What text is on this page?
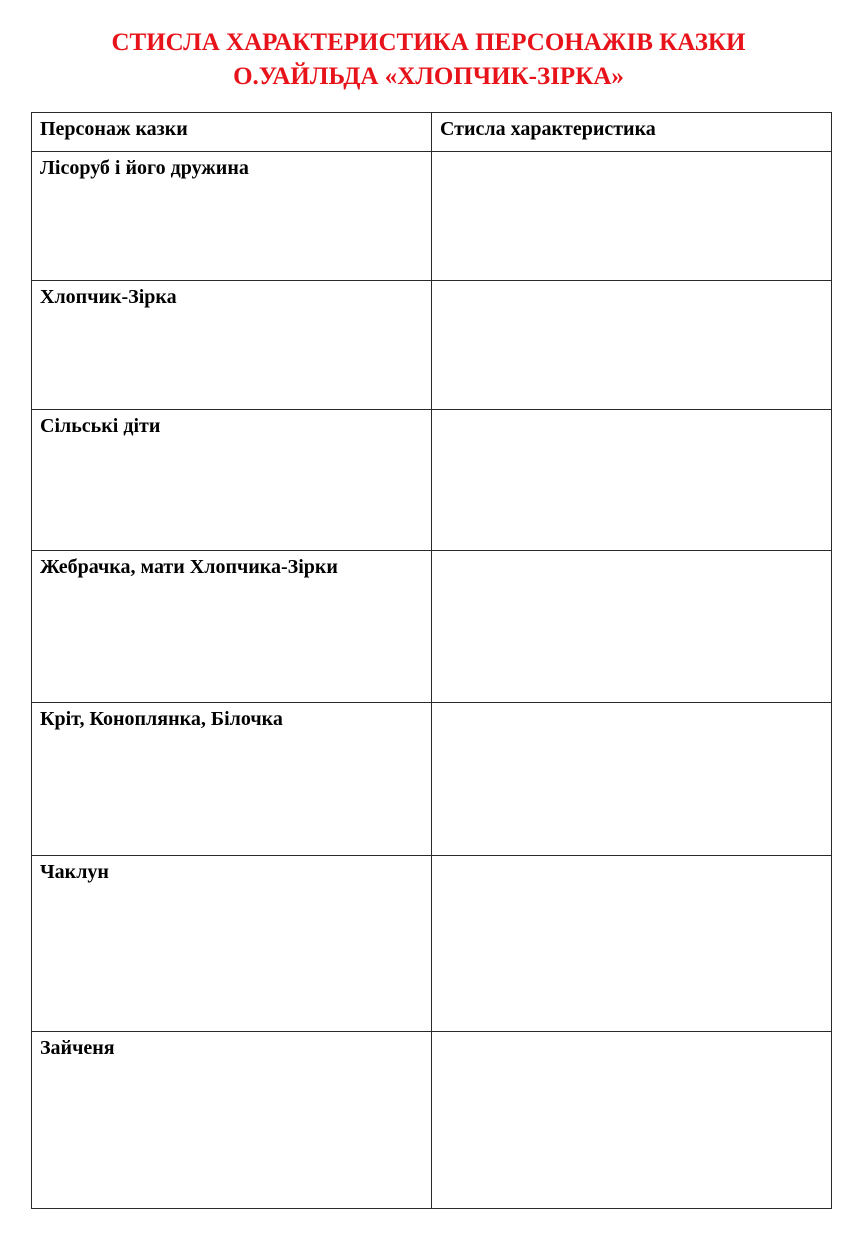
СТИСЛА ХАРАКТЕРИСТИКА ПЕРСОНАЖІВ КАЗКИ
О.УАЙЛЬДА «ХЛОПЧИК-ЗІРКА»
Персонаж казки	Стисла характеристика
Лісоруб і його дружина	
Хлопчик-Зірка	
Сільські діти	
Жебрачка, мати Хлопчика-Зірки	
Кріт, Коноплянка, Білочка	
Чаклун	
Зайченя	
